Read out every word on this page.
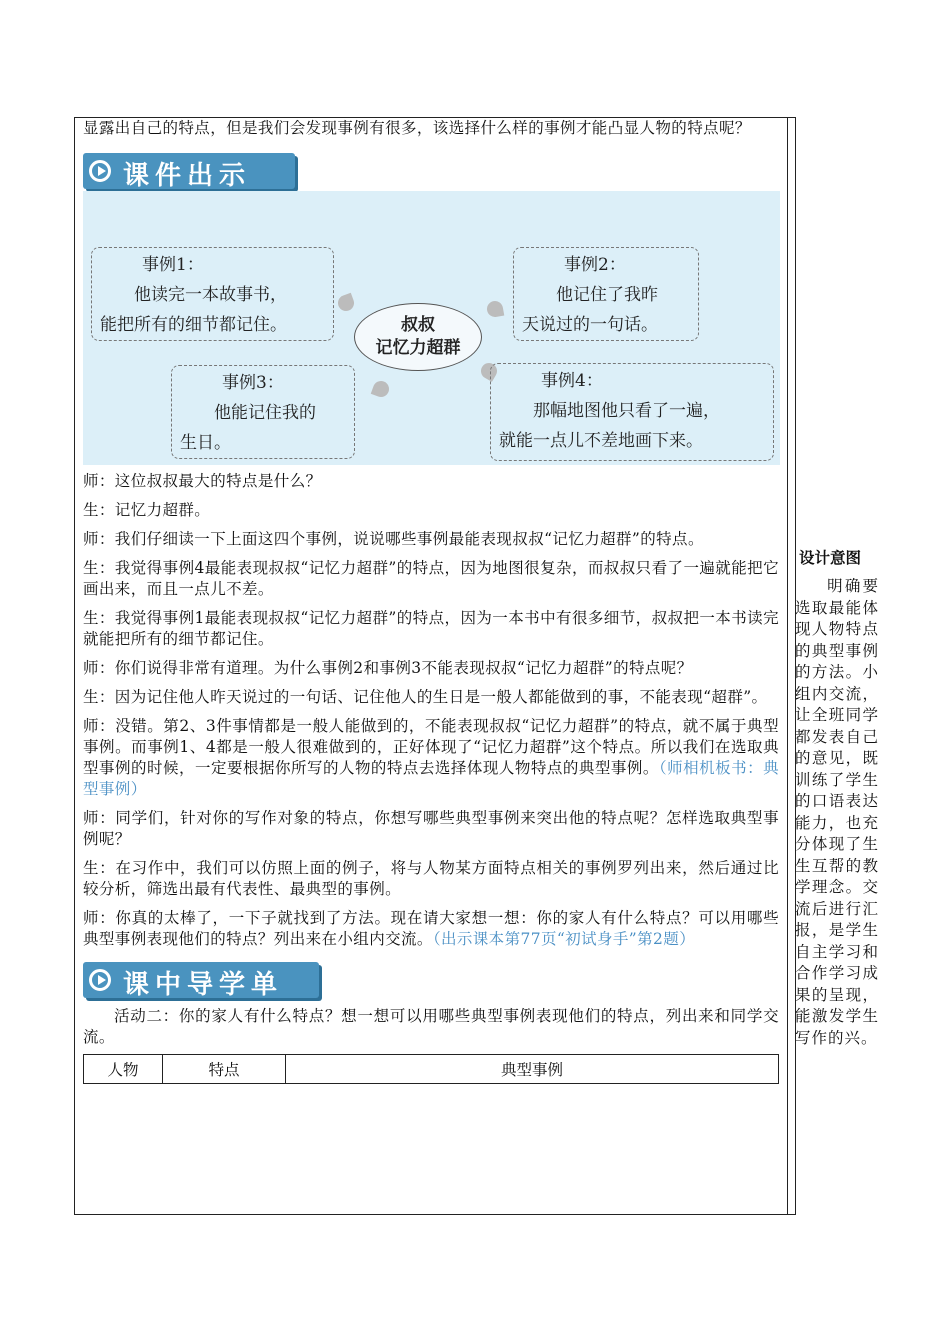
显露出自己的特点，但是我们会发现事例有很多，该选择什么样的事例才能凸显人物的特点呢？

课件出示
叔叔
记忆力超群
事例1：
他读完一本故事书，
能把所有的细节都记住。
事例2：
他记住了我昨
天说过的一句话。
事例3：
他能记住我的
生日。
事例4：
那幅地图他只看了一遍，
就能一点儿不差地画下来。

师：这位叔叔最大的特点是什么？

生：记忆力超群。

师：我们仔细读一下上面这四个事例，说说哪些事例最能表现叔叔“记忆力超群”的特点。

生：我觉得事例4最能表现叔叔“记忆力超群”的特点，因为地图很复杂，而叔叔只看了一遍就能把它画出来，而且一点儿不差。

生：我觉得事例1最能表现叔叔“记忆力超群”的特点，因为一本书中有很多细节，叔叔把一本书读完就能把所有的细节都记住。

师：你们说得非常有道理。为什么事例2和事例3不能表现叔叔“记忆力超群”的特点呢？

生：因为记住他人昨天说过的一句话、记住他人的生日是一般人都能做到的事，不能表现“超群”。

师：没错。第2、3件事情都是一般人能做到的，不能表现叔叔“记忆力超群”的特点，就不属于典型事例。而事例1、4都是一般人很难做到的，正好体现了“记忆力超群”这个特点。所以我们在选取典型事例的时候，一定要根据你所写的人物的特点去选择体现人物特点的典型事例。（师相机板书：典型事例）

师：同学们，针对你的写作对象的特点，你想写哪些典型事例来突出他的特点呢？怎样选取典型事例呢？

生：在习作中，我们可以仿照上面的例子，将与人物某方面特点相关的事例罗列出来，然后通过比较分析，筛选出最有代表性、最典型的事例。

师：你真的太棒了，一下子就找到了方法。现在请大家想一想：你的家人有什么特点？可以用哪些典型事例表现他们的特点？列出来在小组内交流。（出示课本第77页“初试身手”第2题）

课中导学单

活动二：你的家人有什么特点？想一想可以用哪些典型事例表现他们的特点，列出来和同学交流。

人物	特点	典型事例
设计意图
明确要选取最能体现人物特点的典型事例的方法。小组内交流，让全班同学都发表自己的意见，既训练了学生的口语表达能力，也充分体现了生生互帮的教学理念。交流后进行汇报，是学生自主学习和合作学习成果的呈现，能激发学生写作的兴。
